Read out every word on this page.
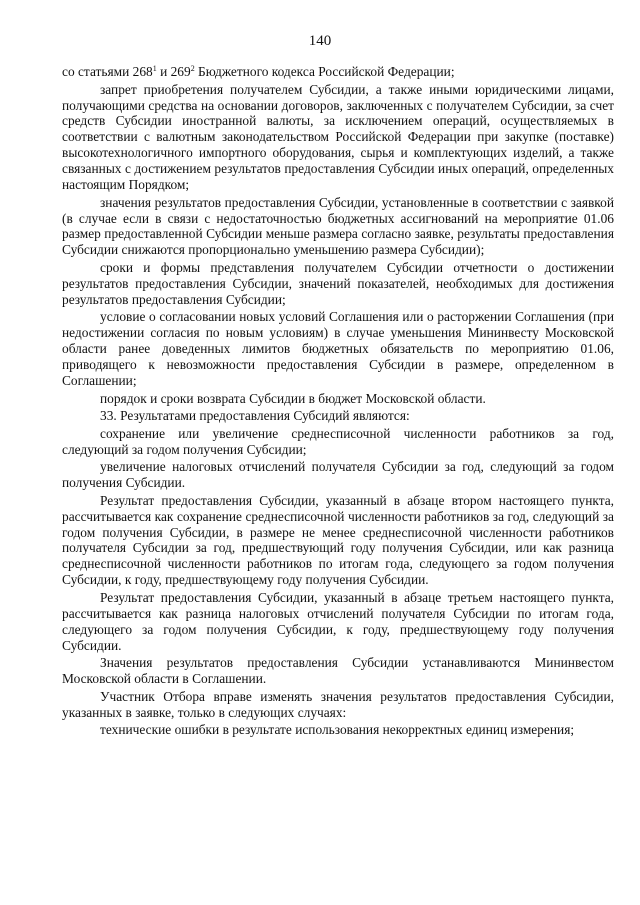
140

со статьями $268^1$ и $269^2$ Бюджетного кодекса Российской Федерации;

запрет приобретения получателем Субсидии, а также иными юридическими лицами, получающими средства на основании договоров, заключенных с получателем Субсидии, за счет средств Субсидии иностранной валюты, за исключением операций, осуществляемых в соответствии с валютным законодательством Российской Федерации при закупке (поставке) высокотехнологичного импортного оборудования, сырья и комплектующих изделий, а также связанных с достижением результатов предоставления Субсидии иных операций, определенных настоящим Порядком;

значения результатов предоставления Субсидии, установленные в соответствии с заявкой (в случае если в связи с недостаточностью бюджетных ассигнований на мероприятие 01.06 размер предоставленной Субсидии меньше размера согласно заявке, результаты предоставления Субсидии снижаются пропорционально уменьшению размера Субсидии);

сроки и формы представления получателем Субсидии отчетности о достижении результатов предоставления Субсидии, значений показателей, необходимых для достижения результатов предоставления Субсидии;

условие о согласовании новых условий Соглашения или о расторжении Соглашения (при недостижении согласия по новым условиям) в случае уменьшения Мининвесту Московской области ранее доведенных лимитов бюджетных обязательств по мероприятию 01.06, приводящего к невозможности предоставления Субсидии в размере, определенном в Соглашении;

порядок и сроки возврата Субсидии в бюджет Московской области.

33. Результатами предоставления Субсидий являются:

сохранение или увеличение среднесписочной численности работников за год, следующий за годом получения Субсидии;

увеличение налоговых отчислений получателя Субсидии за год, следующий за годом получения Субсидии.

Результат предоставления Субсидии, указанный в абзаце втором настоящего пункта, рассчитывается как сохранение среднесписочной численности работников за год, следующий за годом получения Субсидии, в размере не менее среднесписочной численности работников получателя Субсидии за год, предшествующий году получения Субсидии, или как разница среднесписочной численности работников по итогам года, следующего за годом получения Субсидии, к году, предшествующему году получения Субсидии.

Результат предоставления Субсидии, указанный в абзаце третьем настоящего пункта, рассчитывается как разница налоговых отчислений получателя Субсидии по итогам года, следующего за годом получения Субсидии, к году, предшествующему году получения Субсидии.

Значения результатов предоставления Субсидии устанавливаются Мининвестом Московской области в Соглашении.

Участник Отбора вправе изменять значения результатов предоставления Субсидии, указанных в заявке, только в следующих случаях:

технические ошибки в результате использования некорректных единиц измерения;
